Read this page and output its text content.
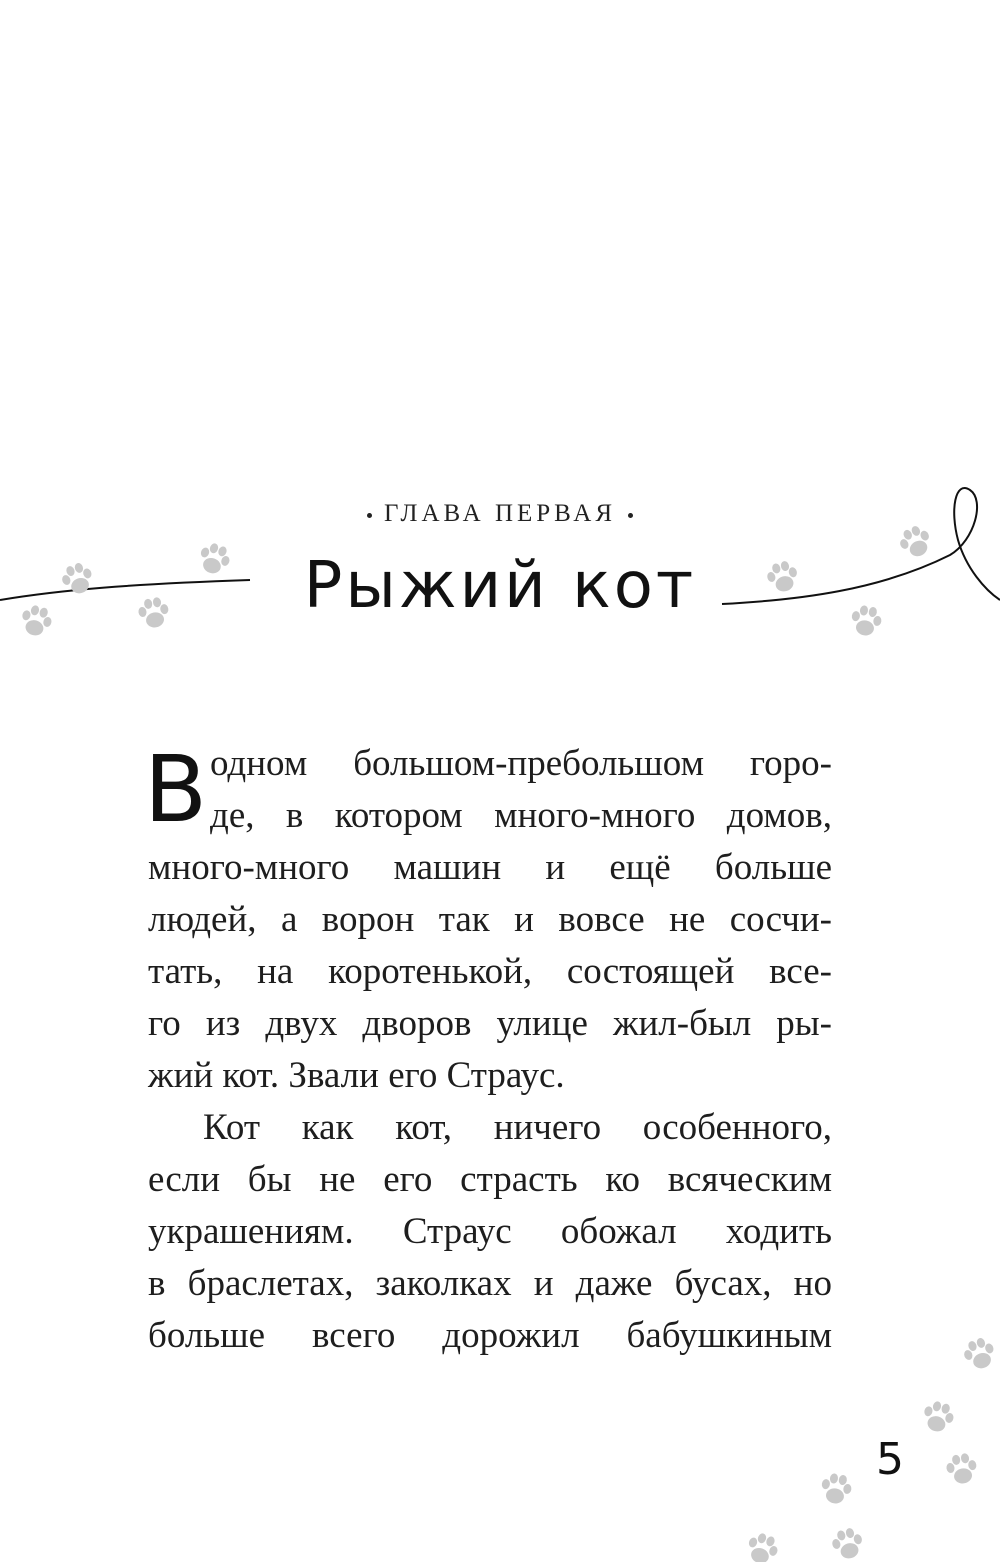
ГЛАВА ПЕРВАЯ
Рыжий кот
В одном большом-пребольшом горо-
де, в котором много-много домов,
много-много машин и ещё больше
людей, а ворон так и вовсе не сосчи-
тать, на коротенькой, состоящей все-
го из двух дворов улице жил-был ры-
жий кот. Звали его Страус.
Кот как кот, ничего особенного,
если бы не его страсть ко всяческим
украшениям. Страус обожал ходить
в браслетах, заколках и даже бусах, но
больше всего дорожил бабушкиным
5
